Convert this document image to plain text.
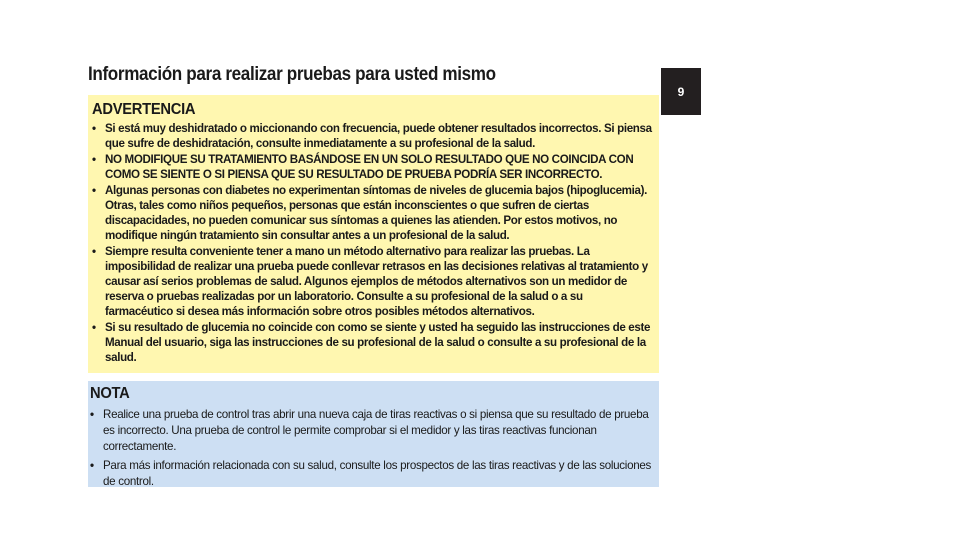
Información para realizar pruebas para usted mismo
9
ADVERTENCIA
• Si está muy deshidratado o miccionando con frecuencia, puede obtener resultados incorrectos. Si piensa que sufre de deshidratación, consulte inmediatamente a su profesional de la salud.
• NO MODIFIQUE SU TRATAMIENTO BASÁNDOSE EN UN SOLO RESULTADO QUE NO COINCIDA CON COMO SE SIENTE O SI PIENSA QUE SU RESULTADO DE PRUEBA PODRÍA SER INCORRECTO.
• Algunas personas con diabetes no experimentan síntomas de niveles de glucemia bajos (hipoglucemia). Otras, tales como niños pequeños, personas que están inconscientes o que sufren de ciertas discapacidades, no pueden comunicar sus síntomas a quienes las atienden. Por estos motivos, no modifique ningún tratamiento sin consultar antes a un profesional de la salud.
• Siempre resulta conveniente tener a mano un método alternativo para realizar las pruebas. La imposibilidad de realizar una prueba puede conllevar retrasos en las decisiones relativas al tratamiento y causar así serios problemas de salud. Algunos ejemplos de métodos alternativos son un medidor de reserva o pruebas realizadas por un laboratorio. Consulte a su profesional de la salud o a su farmacéutico si desea más información sobre otros posibles métodos alternativos.
• Si su resultado de glucemia no coincide con como se siente y usted ha seguido las instrucciones de este Manual del usuario, siga las instrucciones de su profesional de la salud o consulte a su profesional de la salud.
NOTA
• Realice una prueba de control tras abrir una nueva caja de tiras reactivas o si piensa que su resultado de prueba es incorrecto. Una prueba de control le permite comprobar si el medidor y las tiras reactivas funcionan correctamente.
• Para más información relacionada con su salud, consulte los prospectos de las tiras reactivas y de las soluciones de control.
